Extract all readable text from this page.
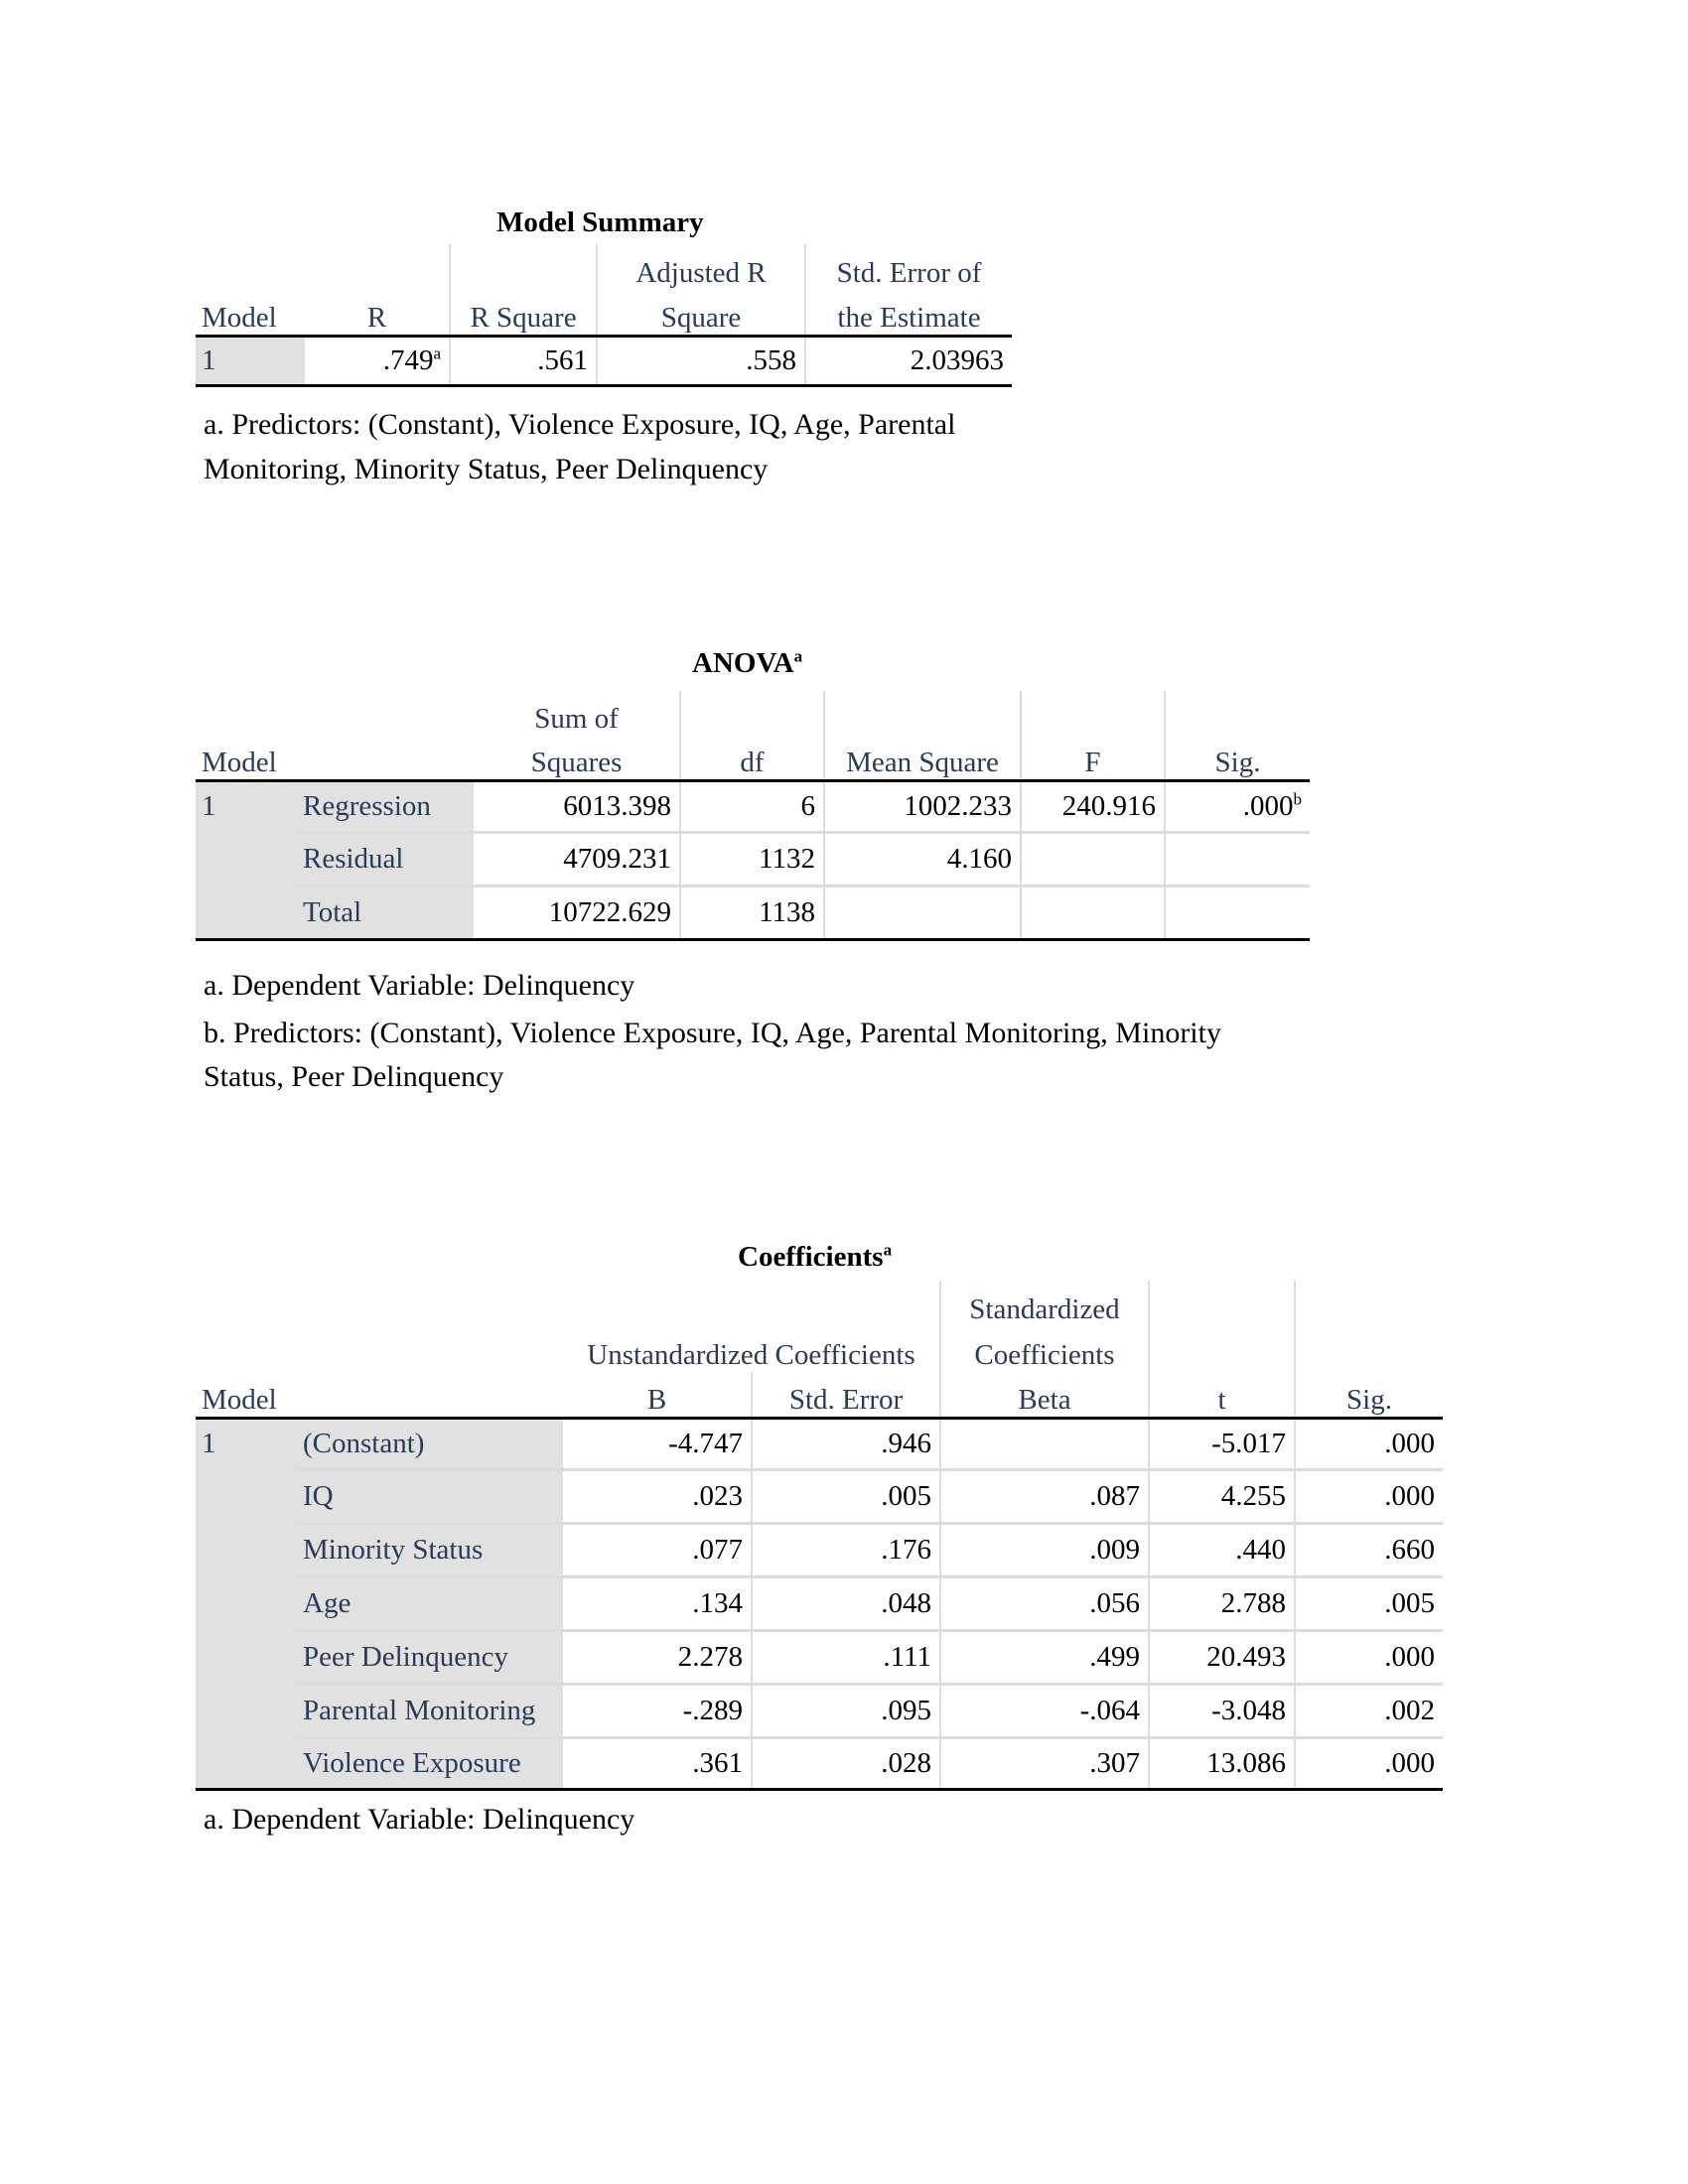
Model Summary
			Adjusted R	Std. Error of
Model	R	R Square	Square	the Estimate
1	.749$^a$	.561	.558	2.03963
a. Predictors: (Constant), Violence Exposure, IQ, Age, Parental
Monitoring, Minority Status, Peer Delinquency
ANOVA$^a$
		Sum of				
Model		Squares	df	Mean Square	F	Sig.
1	Regression	6013.398	6	1002.233	240.916	.000$^b$
	Residual	4709.231	1132	4.160		
	Total	10722.629	1138			
a. Dependent Variable: Delinquency
b. Predictors: (Constant), Violence Exposure, IQ, Age, Parental Monitoring, Minority
Status, Peer Delinquency
Coefficients$^a$
				Standardized		
		Unstandardized Coefficients		Coefficients		
Model		B	Std. Error	Beta	t	Sig.
1	(Constant)	-4.747	.946		-5.017	.000
	IQ	.023	.005	.087	4.255	.000
	Minority Status	.077	.176	.009	.440	.660
	Age	.134	.048	.056	2.788	.005
	Peer Delinquency	2.278	.111	.499	20.493	.000
	Parental Monitoring	-.289	.095	-.064	-3.048	.002
	Violence Exposure	.361	.028	.307	13.086	.000
a. Dependent Variable: Delinquency
